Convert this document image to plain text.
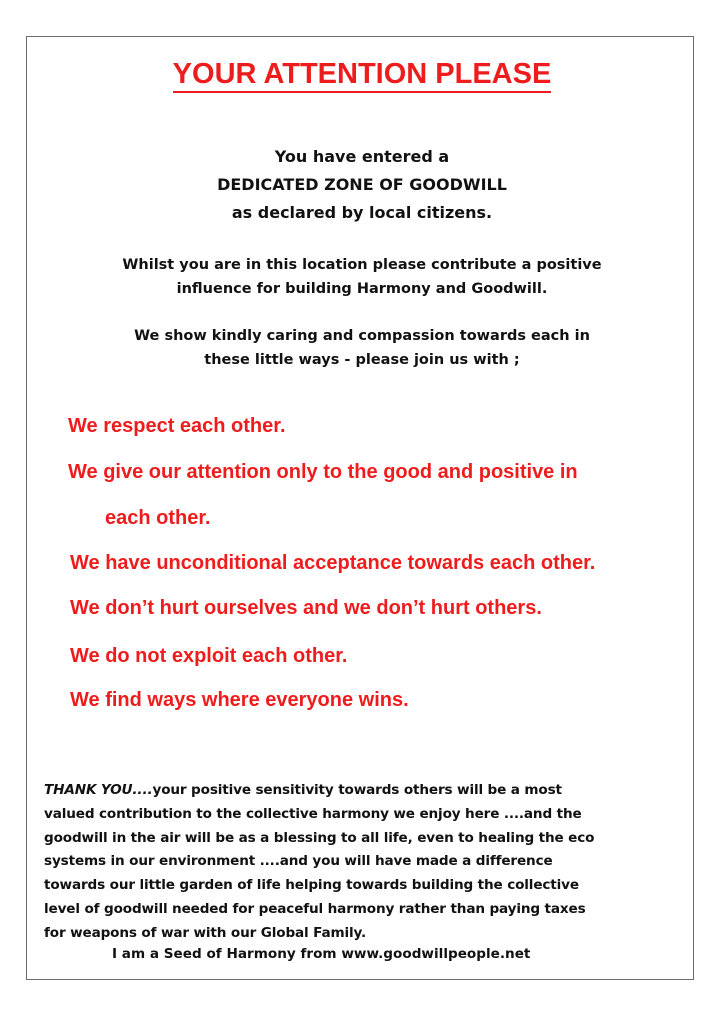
YOUR ATTENTION PLEASE

You have entered a

DEDICATED ZONE OF GOODWILL

as declared by local citizens.

Whilst you are in this location please contribute a positive

influence for building Harmony and Goodwill.

We show kindly caring and compassion towards each in

these little ways - please join us with ;

We respect each other.

We give our attention only to the good and positive in

each other.

We have unconditional acceptance towards each other.

We don’t hurt ourselves and we don’t hurt others.

We do not exploit each other.

We find ways where everyone wins.

THANK YOU....your positive sensitivity towards others will be a most

valued contribution to the collective harmony we enjoy here ....and the

goodwill in the air will be as a blessing to all life, even to healing the eco

systems in our environment ....and you will have made a difference

towards our little garden of life helping towards building the collective

level of goodwill needed for peaceful harmony rather than paying taxes

for weapons of war with our Global Family.

I am a Seed of Harmony from www.goodwillpeople.net
